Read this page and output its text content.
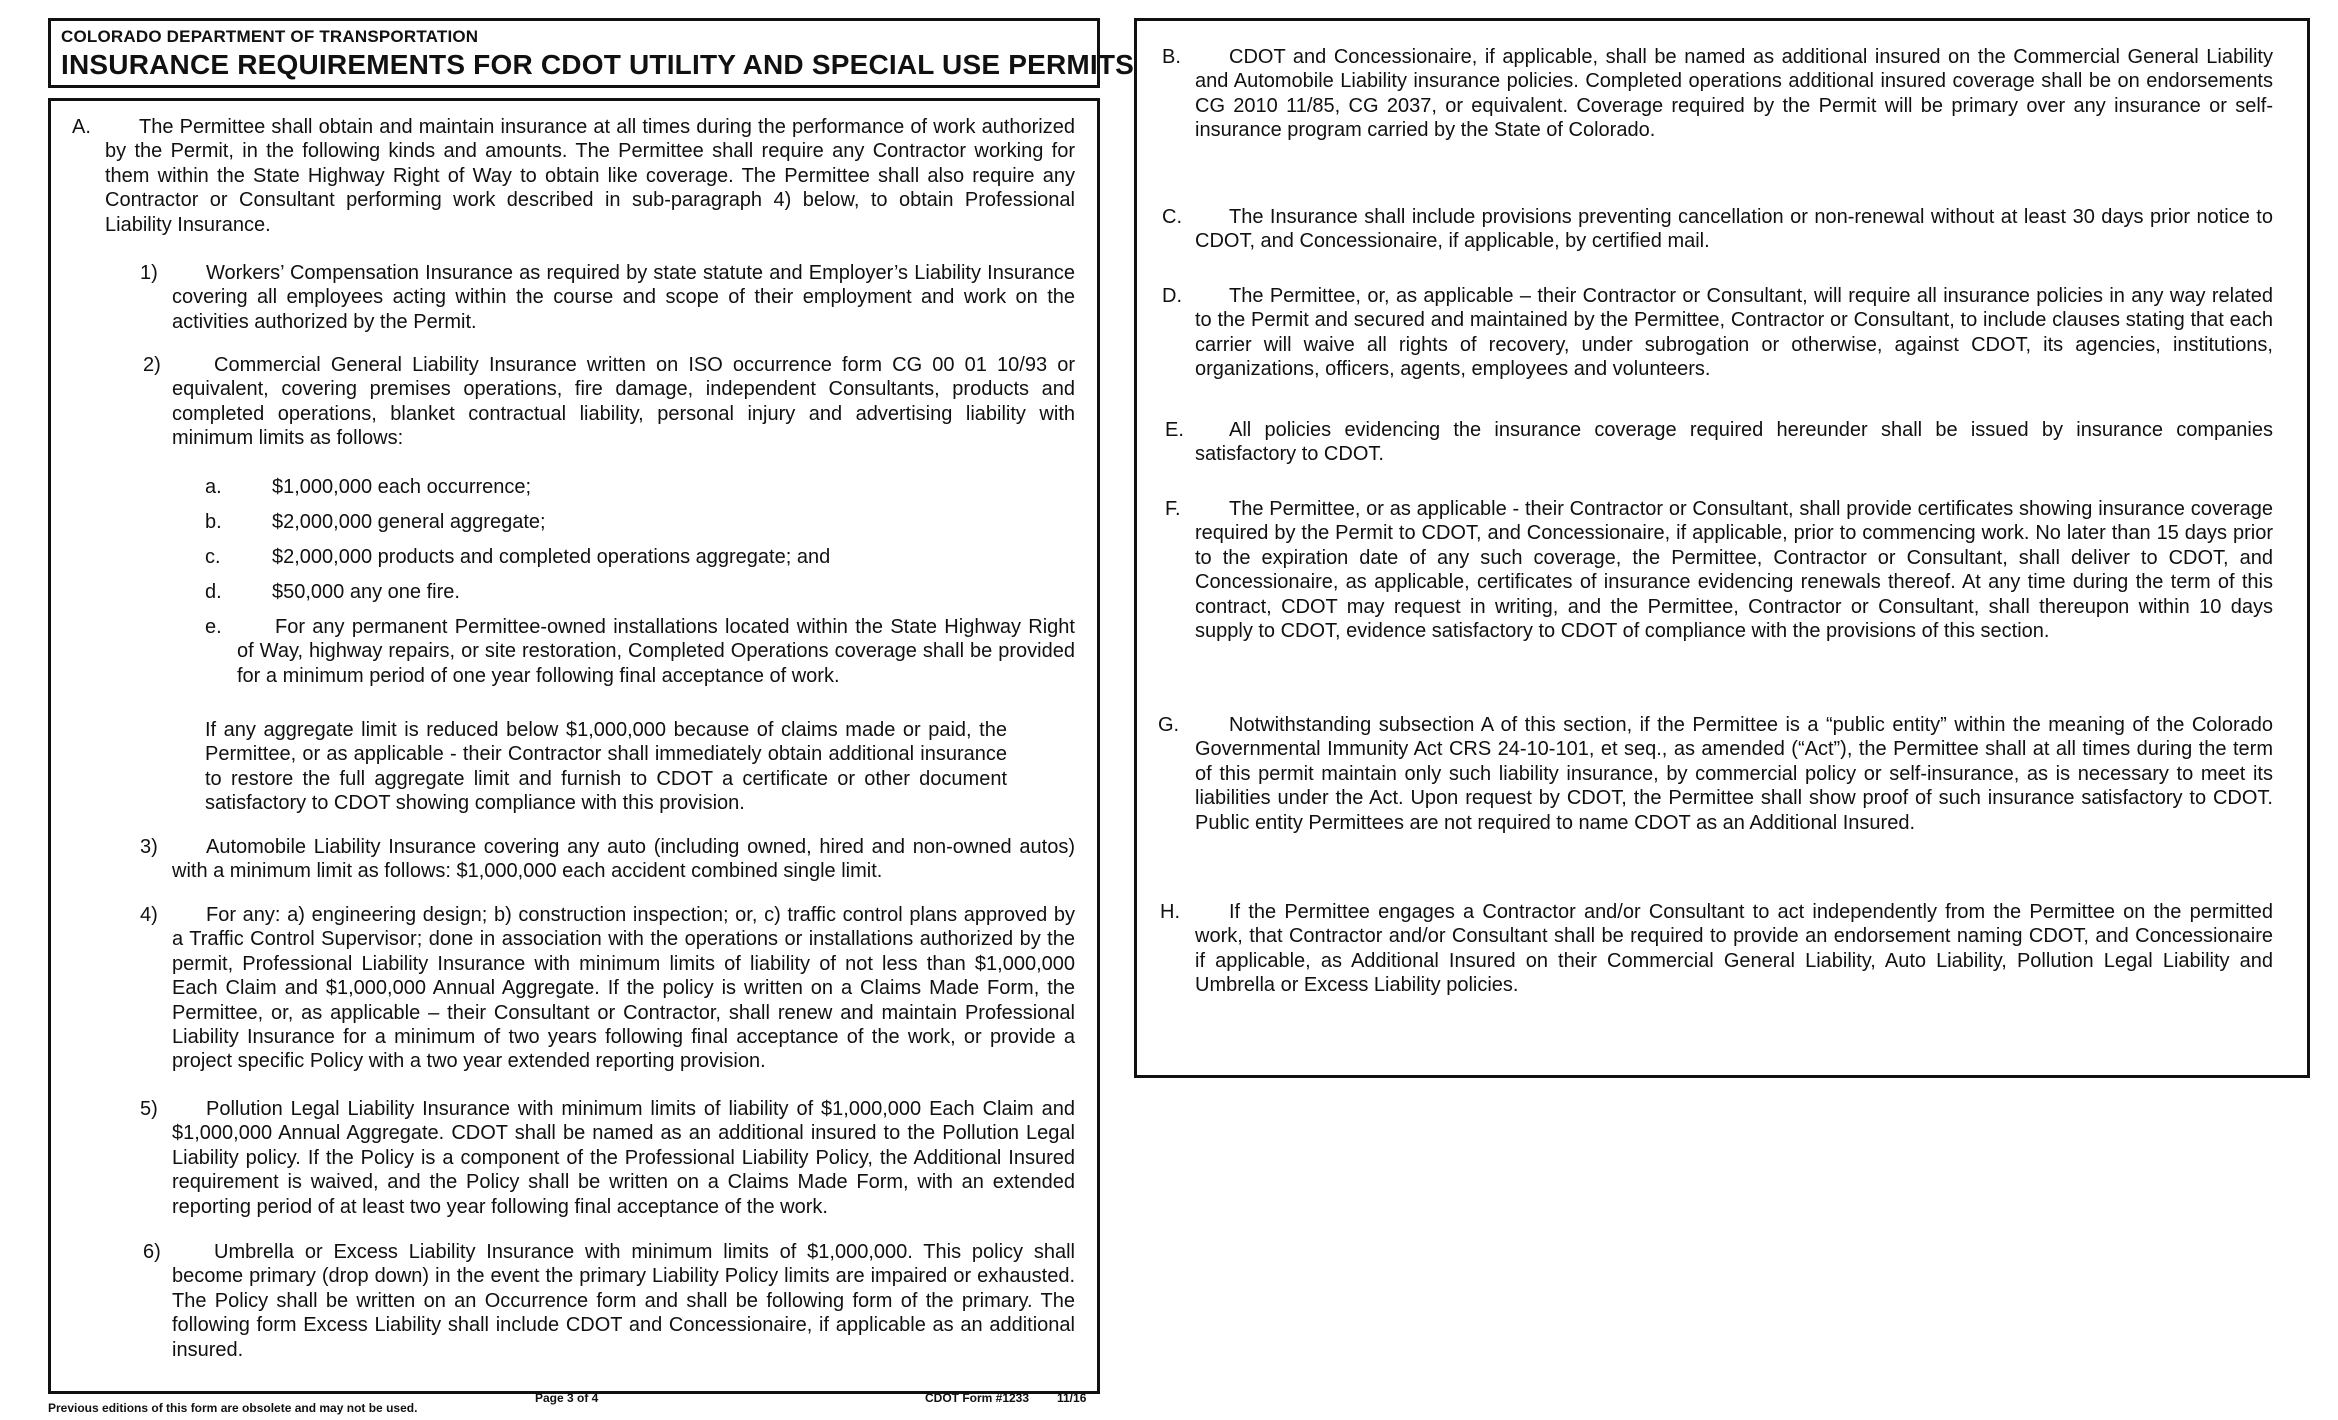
COLORADO DEPARTMENT OF TRANSPORTATION
INSURANCE REQUIREMENTS FOR CDOT UTILITY AND SPECIAL USE PERMITS
A.	The Permittee shall obtain and maintain insurance at all times during the performance of work authorized by the Permit, in the following kinds and amounts. The Permittee shall require any Contractor working for them within the State Highway Right of Way to obtain like coverage. The Permittee shall also require any Contractor or Consultant performing work described in sub-paragraph 4) below, to obtain Professional Liability Insurance.
1)	Workers’ Compensation Insurance as required by state statute and Employer’s Liability Insurance covering all employees acting within the course and scope of their employment and work on the activities authorized by the Permit.
2)	Commercial General Liability Insurance written on ISO occurrence form CG 00 01 10/93 or equivalent, covering premises operations, fire damage, independent Consultants, products and completed operations, blanket contractual liability, personal injury and advertising liability with minimum limits as follows:
a.	$1,000,000 each occurrence;
b.	$2,000,000 general aggregate;
c.	$2,000,000 products and completed operations aggregate; and
d.	$50,000 any one fire.
e.	For any permanent Permittee-owned installations located within the State Highway Right of Way, highway repairs, or site restoration, Completed Operations coverage shall be provided for a minimum period of one year following final acceptance of work.
If any aggregate limit is reduced below $1,000,000 because of claims made or paid, the Permittee, or as applicable - their Contractor shall immediately obtain additional insurance to restore the full aggregate limit and furnish to CDOT a certificate or other document satisfactory to CDOT showing compliance with this provision.
3)	Automobile Liability Insurance covering any auto (including owned, hired and non-owned autos) with a minimum limit as follows: $1,000,000 each accident combined single limit.
4)	For any: a) engineering design; b) construction inspection; or, c) traffic control plans approved by a Traffic Control Supervisor; done in association with the operations or installations authorized by the permit, Professional Liability Insurance with minimum limits of liability of not less than $1,000,000 Each Claim and $1,000,000 Annual Aggregate. If the policy is written on a Claims Made Form, the Permittee, or, as applicable – their Consultant or Contractor, shall renew and maintain Professional Liability Insurance for a minimum of two years following final acceptance of the work, or provide a project specific Policy with a two year extended reporting provision.
5)	Pollution Legal Liability Insurance with minimum limits of liability of $1,000,000 Each Claim and $1,000,000 Annual Aggregate. CDOT shall be named as an additional insured to the Pollution Legal Liability policy. If the Policy is a component of the Professional Liability Policy, the Additional Insured requirement is waived, and the Policy shall be written on a Claims Made Form, with an extended reporting period of at least two year following final acceptance of the work.
6)	Umbrella or Excess Liability Insurance with minimum limits of $1,000,000. This policy shall become primary (drop down) in the event the primary Liability Policy limits are impaired or exhausted. The Policy shall be written on an Occurrence form and shall be following form of the primary. The following form Excess Liability shall include CDOT and Concessionaire, if applicable as an additional insured.
Previous editions of this form are obsolete and may not be used.
Page 3 of 4	CDOT Form #1233 11/16
B.	CDOT and Concessionaire, if applicable, shall be named as additional insured on the Commercial General Liability and Automobile Liability insurance policies. Completed operations additional insured coverage shall be on endorsements CG 2010 11/85, CG 2037, or equivalent. Coverage required by the Permit will be primary over any insurance or self- insurance program carried by the State of Colorado.
C.	The Insurance shall include provisions preventing cancellation or non-renewal without at least 30 days prior notice to CDOT, and Concessionaire, if applicable, by certified mail.
D.	The Permittee, or, as applicable – their Contractor or Consultant, will require all insurance policies in any way related to the Permit and secured and maintained by the Permittee, Contractor or Consultant, to include clauses stating that each carrier will waive all rights of recovery, under subrogation or otherwise, against CDOT, its agencies, institutions, organizations, officers, agents, employees and volunteers.
E.	All policies evidencing the insurance coverage required hereunder shall be issued by insurance companies satisfactory to CDOT.
F.	The Permittee, or as applicable - their Contractor or Consultant, shall provide certificates showing insurance coverage required by the Permit to CDOT, and Concessionaire, if applicable, prior to commencing work. No later than 15 days prior to the expiration date of any such coverage, the Permittee, Contractor or Consultant, shall deliver to CDOT, and Concessionaire, as applicable, certificates of insurance evidencing renewals thereof. At any time during the term of this contract, CDOT may request in writing, and the Permittee, Contractor or Consultant, shall thereupon within 10 days supply to CDOT, evidence satisfactory to CDOT of compliance with the provisions of this section.
G.	Notwithstanding subsection A of this section, if the Permittee is a “public entity” within the meaning of the Colorado Governmental Immunity Act CRS 24-10-101, et seq., as amended (“Act”), the Permittee shall at all times during the term of this permit maintain only such liability insurance, by commercial policy or self-insurance, as is necessary to meet its liabilities under the Act. Upon request by CDOT, the Permittee shall show proof of such insurance satisfactory to CDOT. Public entity Permittees are not required to name CDOT as an Additional Insured.
H.	If the Permittee engages a Contractor and/or Consultant to act independently from the Permittee on the permitted work, that Contractor and/or Consultant shall be required to provide an endorsement naming CDOT, and Concessionaire if applicable, as Additional Insured on their Commercial General Liability, Auto Liability, Pollution Legal Liability and Umbrella or Excess Liability policies.
